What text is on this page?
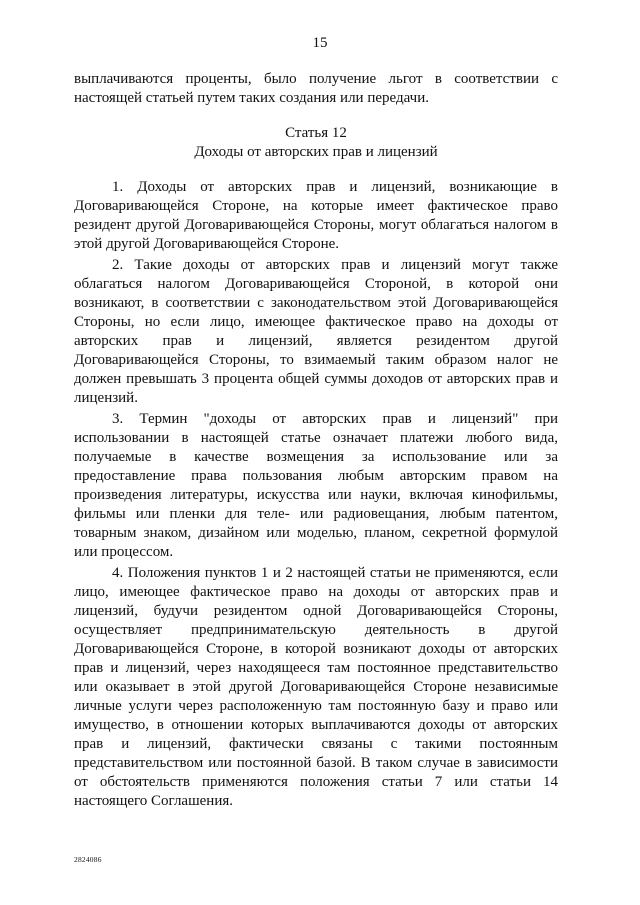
15

выплачиваются проценты, было получение льгот в соответствии с настоящей статьей путем таких создания или передачи.

Статья 12
Доходы от авторских прав и лицензий

1. Доходы от авторских прав и лицензий, возникающие в Договаривающейся Стороне, на которые имеет фактическое право резидент другой Договаривающейся Стороны, могут облагаться налогом в этой другой Договаривающейся Стороне.

2. Такие доходы от авторских прав и лицензий могут также облагаться налогом Договаривающейся Стороной, в которой они возникают, в соответствии с законодательством этой Договаривающейся Стороны, но если лицо, имеющее фактическое право на доходы от авторских прав и лицензий, является резидентом другой Договаривающейся Стороны, то взимаемый таким образом налог не должен превышать 3 процента общей суммы доходов от авторских прав и лицензий.

3. Термин "доходы от авторских прав и лицензий" при использовании в настоящей статье означает платежи любого вида, получаемые в качестве возмещения за использование или за предоставление права пользования любым авторским правом на произведения литературы, искусства или науки, включая кинофильмы, фильмы или пленки для теле- или радиовещания, любым патентом, товарным знаком, дизайном или моделью, планом, секретной формулой или процессом.

4. Положения пунктов 1 и 2 настоящей статьи не применяются, если лицо, имеющее фактическое право на доходы от авторских прав и лицензий, будучи резидентом одной Договаривающейся Стороны, осуществляет предпринимательскую деятельность в другой Договаривающейся Стороне, в которой возникают доходы от авторских прав и лицензий, через находящееся там постоянное представительство или оказывает в этой другой Договаривающейся Стороне независимые личные услуги через расположенную там постоянную базу и право или имущество, в отношении которых выплачиваются доходы от авторских прав и лицензий, фактически связаны с такими постоянным представительством или постоянной базой. В таком случае в зависимости от обстоятельств применяются положения статьи 7 или статьи 14 настоящего Соглашения.

2824086
